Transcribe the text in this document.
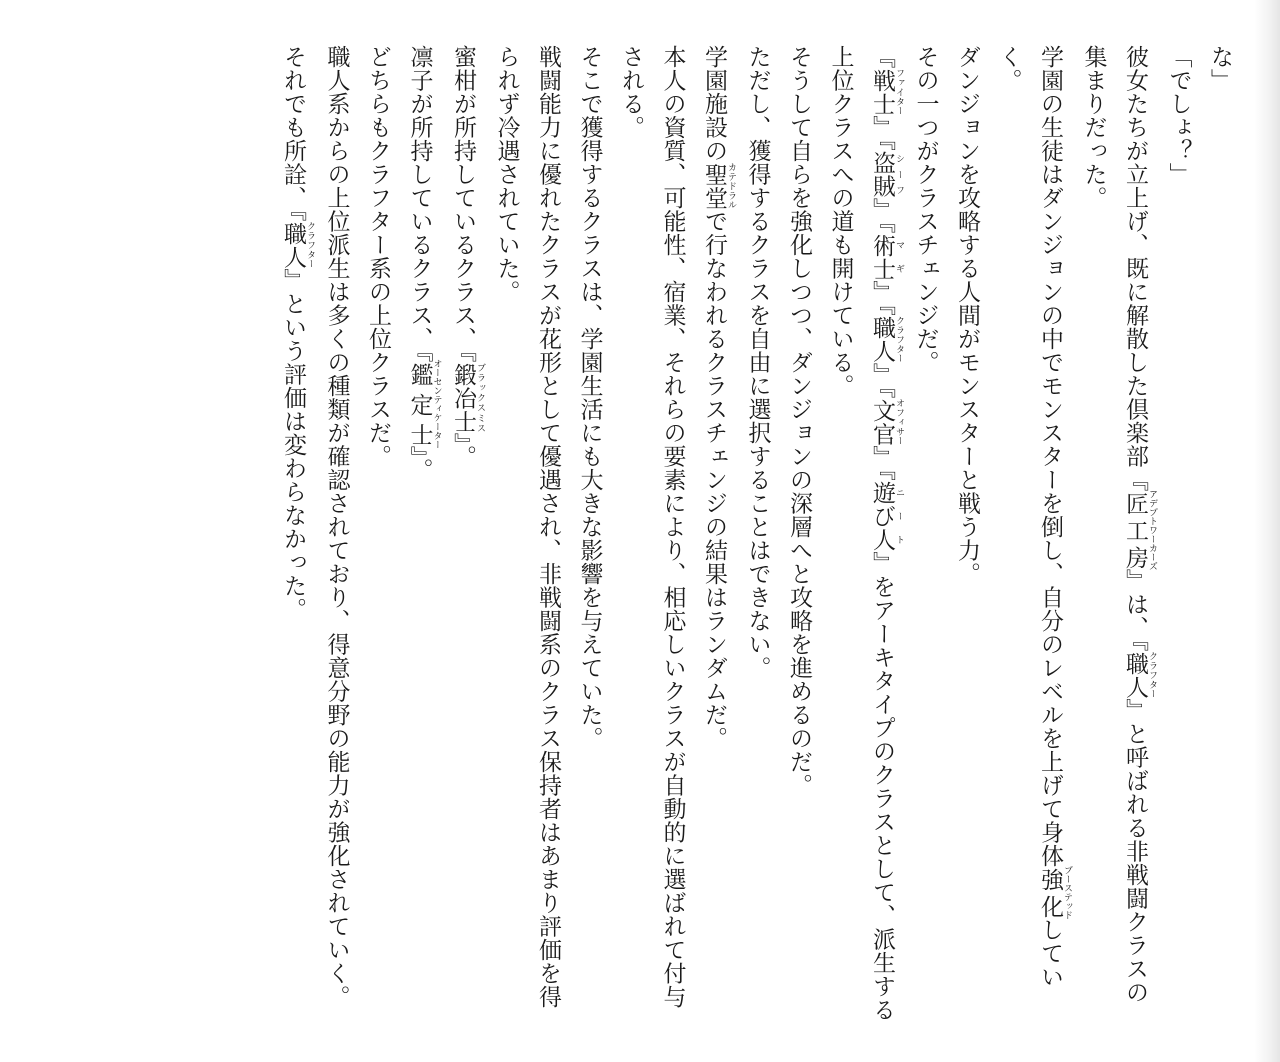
な」

「でしょ？」

彼女たちが立上げ、既に解散した倶楽部『匠工房 アデプトワーカーズ』は、『職人 クラフター』と呼ばれる非戦闘クラスの集まりだった。

学園の生徒はダンジョンの中でモンスターを倒し、自分のレベルを上げて身体強化 ブーステッドしていく。

ダンジョンを攻略する人間がモンスターと戦う力。

その一つがクラスチェンジだ。

『戦士 ファイター』『盗賊 シーフ』『術士 マギ』『職人 クラフター』『文官 オフィサー』『遊び人 ニート』をアーキタイプのクラスとして、派生する上位クラスへの道も開けている。

そうして自らを強化しつつ、ダンジョンの深層へと攻略を進めるのだ。

ただし、獲得するクラスを自由に選択することはできない。

学園施設の聖堂 カテドラルで行なわれるクラスチェンジの結果はランダムだ。

本人の資質、可能性、宿業、それらの要素により、相応しいクラスが自動的に選ばれて付与される。

そこで獲得するクラスは、学園生活にも大きな影響を与えていた。

戦闘能力に優れたクラスが花形として優遇され、非戦闘系のクラス保持者はあまり評価を得られず冷遇されていた。

蜜柑が所持しているクラス、『鍛冶士 ブラックスミス』。

凛子が所持しているクラス、『鑑定士 オーセンティケーター』。

どちらもクラフター系の上位クラスだ。

職人系からの上位派生は多くの種類が確認されており、得意分野の能力が強化されていく。

それでも所詮、『職人 クラフター』という評価は変わらなかった。
